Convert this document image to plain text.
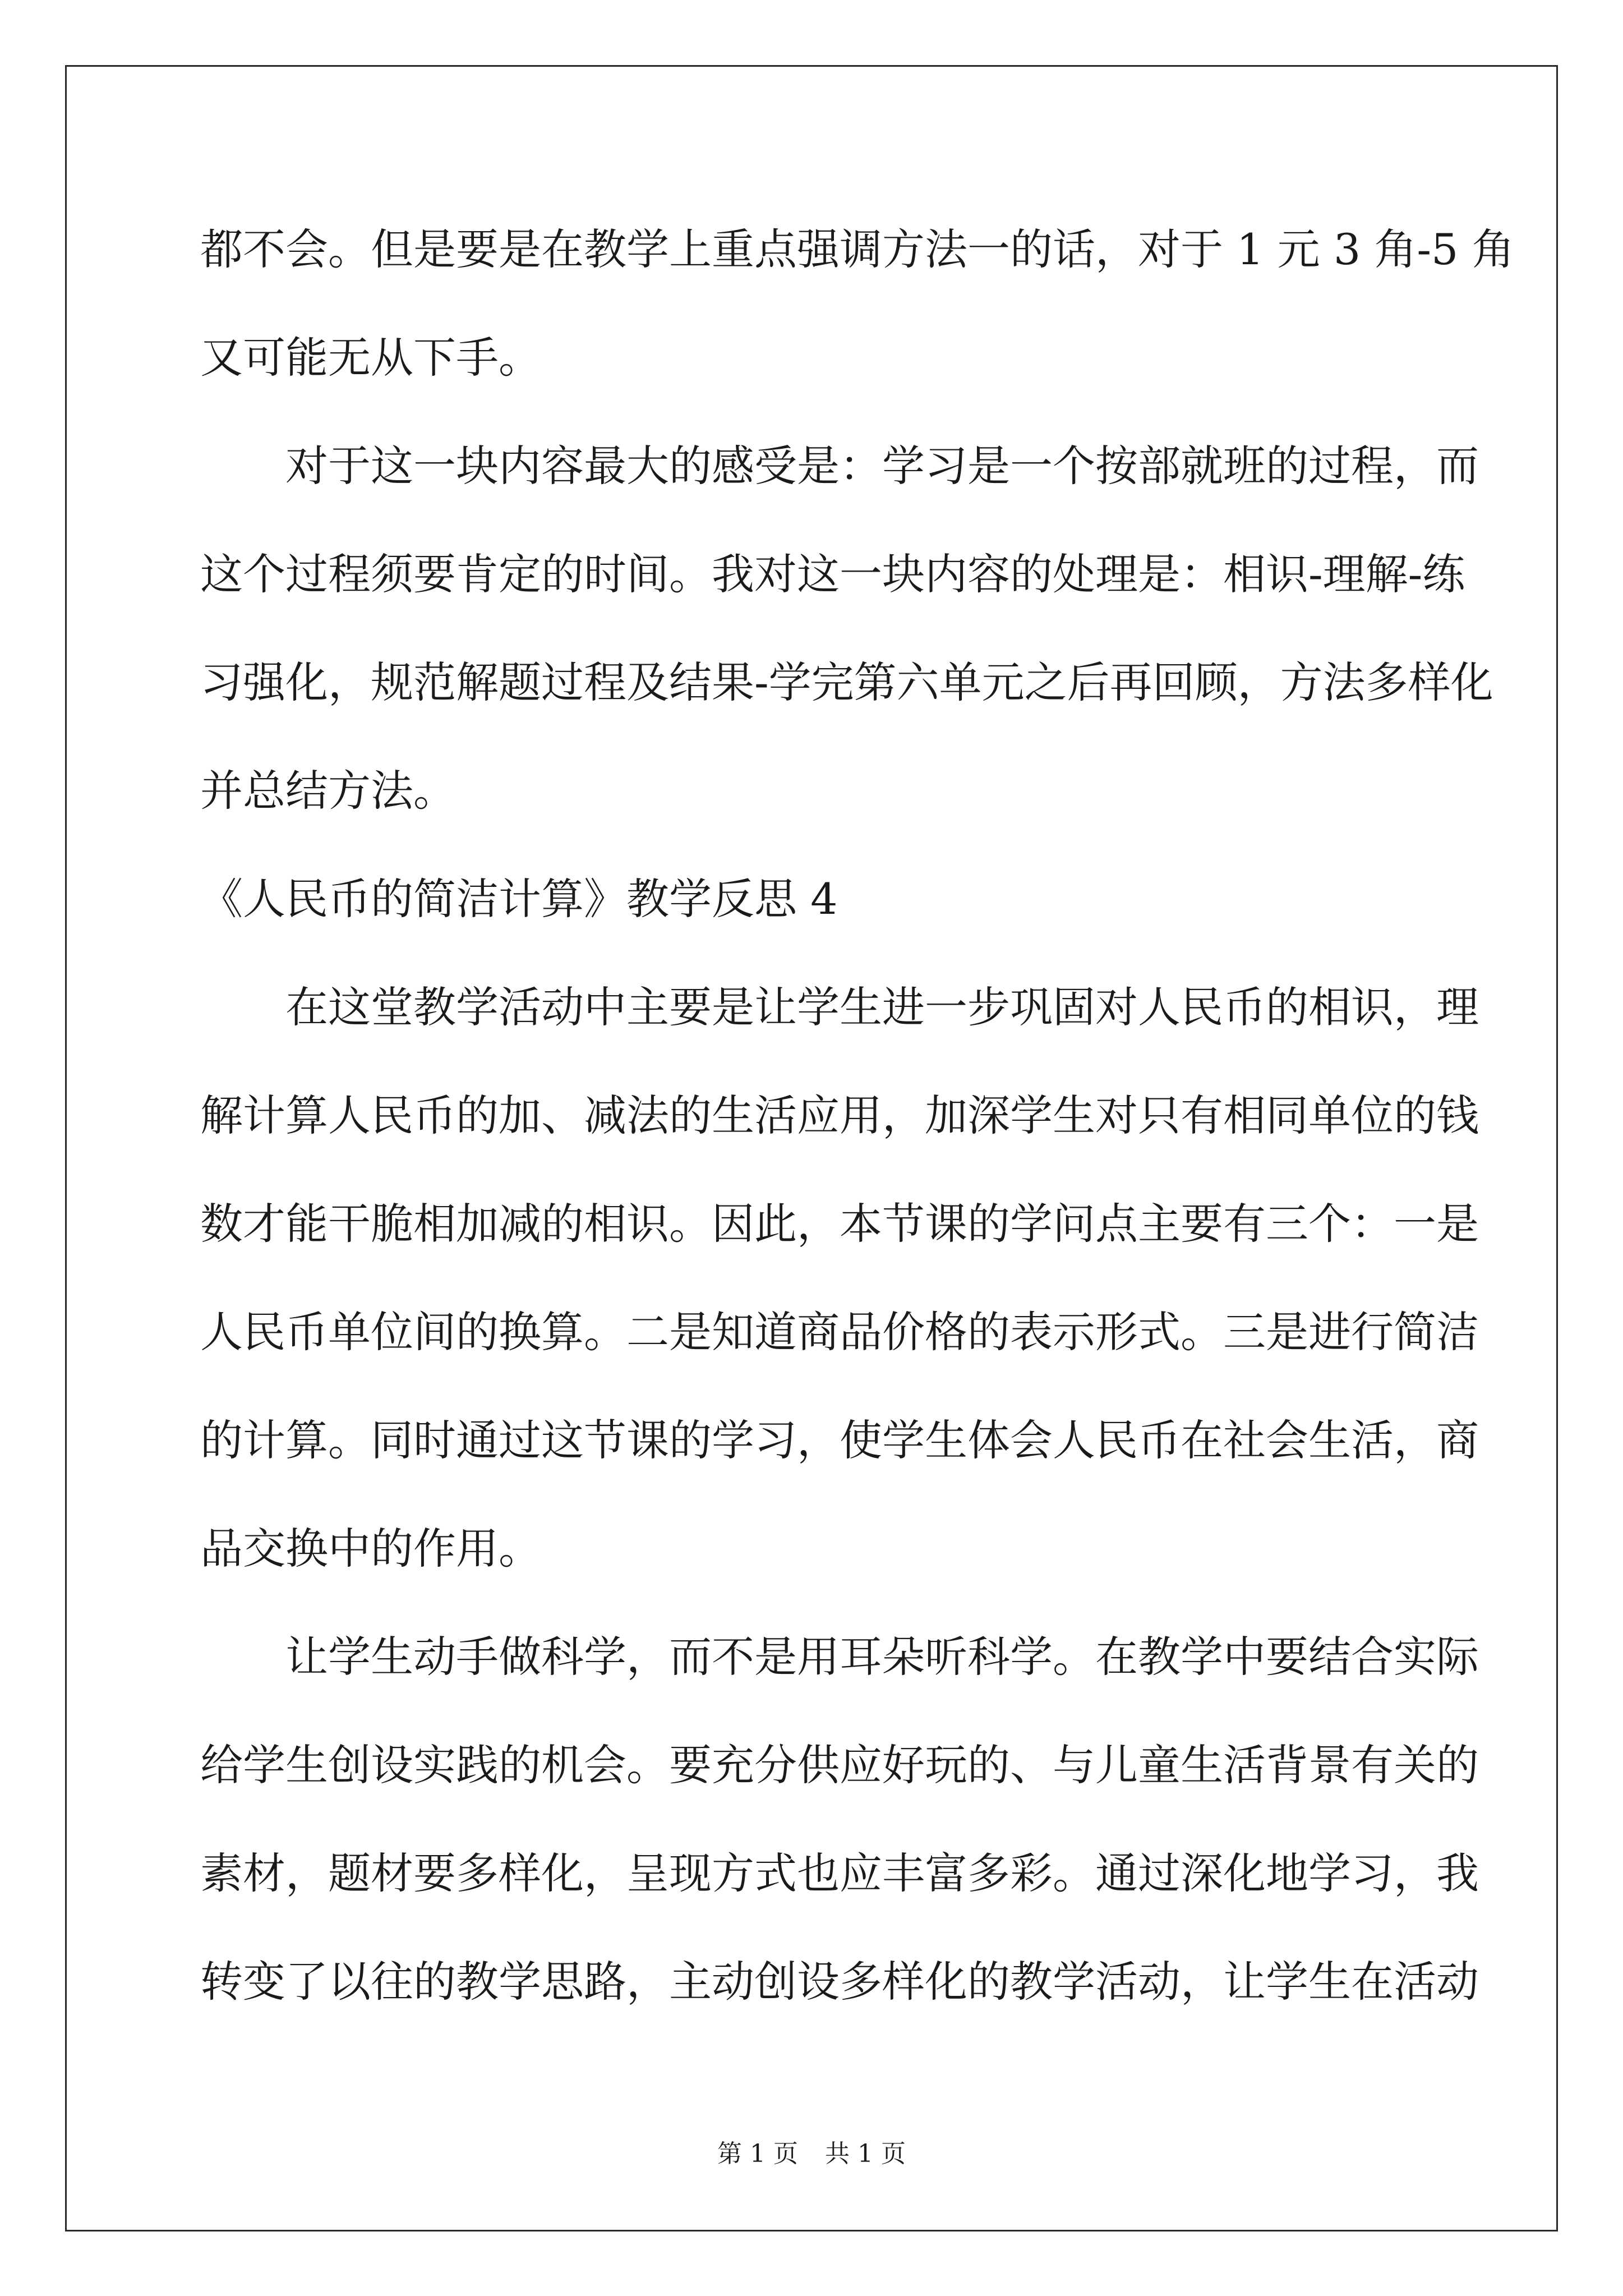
都不会。但是要是在教学上重点强调方法一的话，对于 1 元 3 角-5 角
又可能无从下手。
对于这一块内容最大的感受是：学习是一个按部就班的过程，而
这个过程须要肯定的时间。我对这一块内容的处理是：相识-理解-练
习强化，规范解题过程及结果-学完第六单元之后再回顾，方法多样化
并总结方法。
《人民币的简洁计算》教学反思 4
在这堂教学活动中主要是让学生进一步巩固对人民币的相识，理
解计算人民币的加、减法的生活应用，加深学生对只有相同单位的钱
数才能干脆相加减的相识。因此，本节课的学问点主要有三个：一是
人民币单位间的换算。二是知道商品价格的表示形式。三是进行简洁
的计算。同时通过这节课的学习，使学生体会人民币在社会生活，商
品交换中的作用。
让学生动手做科学，而不是用耳朵听科学。在教学中要结合实际
给学生创设实践的机会。要充分供应好玩的、与儿童生活背景有关的
素材，题材要多样化，呈现方式也应丰富多彩。通过深化地学习，我
转变了以往的教学思路，主动创设多样化的教学活动，让学生在活动
第 1 页 共 1 页
